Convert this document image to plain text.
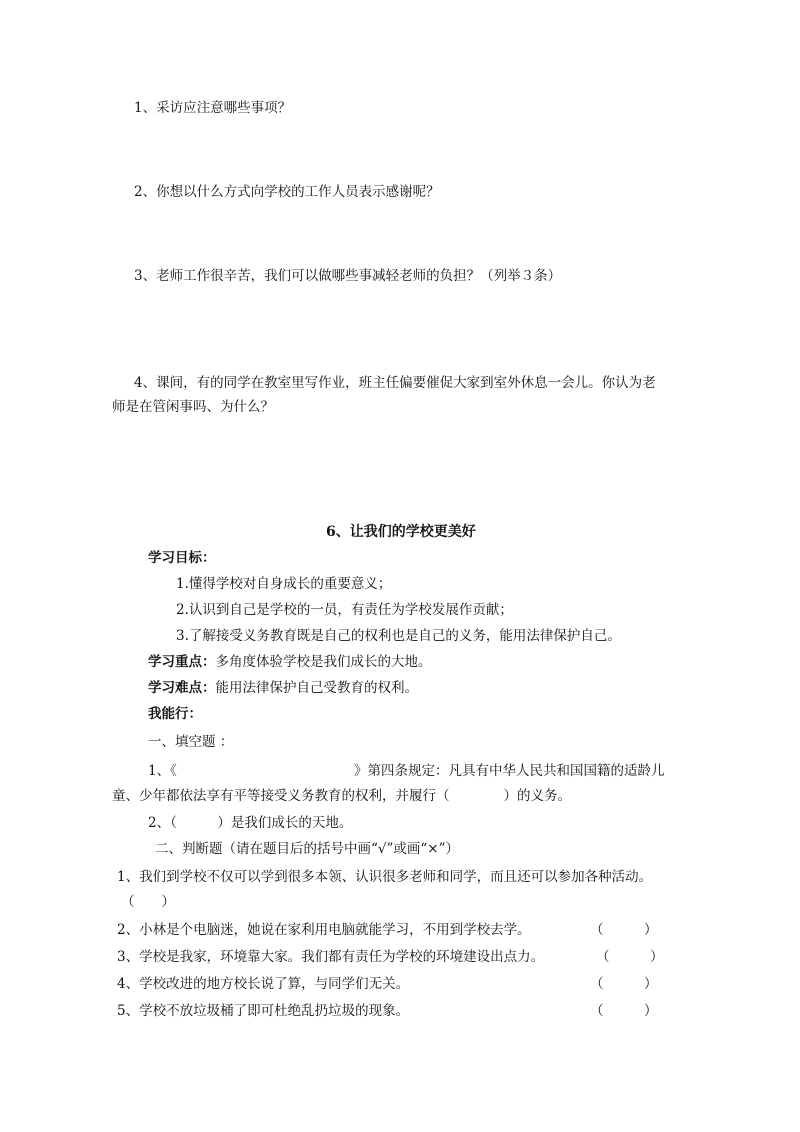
1、采访应注意哪些事项？
2、你想以什么方式向学校的工作人员表示感谢呢？
3、老师工作很辛苦，我们可以做哪些事减轻老师的负担？（列举３条）
4、课间，有的同学在教室里写作业，班主任偏要催促大家到室外休息一会儿。你认为老
师是在管闲事吗、为什么？
6、让我们的学校更美好
学习目标：
1.懂得学校对自身成长的重要意义；
2.认识到自己是学校的一员，有责任为学校发展作贡献；
3.了解接受义务教育既是自己的权利也是自己的义务，能用法律保护自己。
学习重点：多角度体验学校是我们成长的大地。
学习难点：能用法律保护自己受教育的权利。
我能行：
一、填空题 ：
1、《	》第四条规定：凡具有中华人民共和国国籍的适龄儿
童、少年都依法享有平等接受义务教育的权利，并履行（　　　　）的义务。
2、（　　　）是我们成长的天地。
二、判断题（请在题目后的括号中画“√”或画“×”）
1、我们到学校不仅可以学到很多本领、认识很多老师和同学，而且还可以参加各种活动。
（　　）
2、小林是个电脑迷，她说在家利用电脑就能学习，不用到学校去学。	（　　　）
3、学校是我家，环境靠大家。我们都有责任为学校的环境建设出点力。	（　　　）
4、学校改进的地方校长说了算，与同学们无关。	（　　　）
5、学校不放垃圾桶了即可杜绝乱扔垃圾的现象。	（　　　）
